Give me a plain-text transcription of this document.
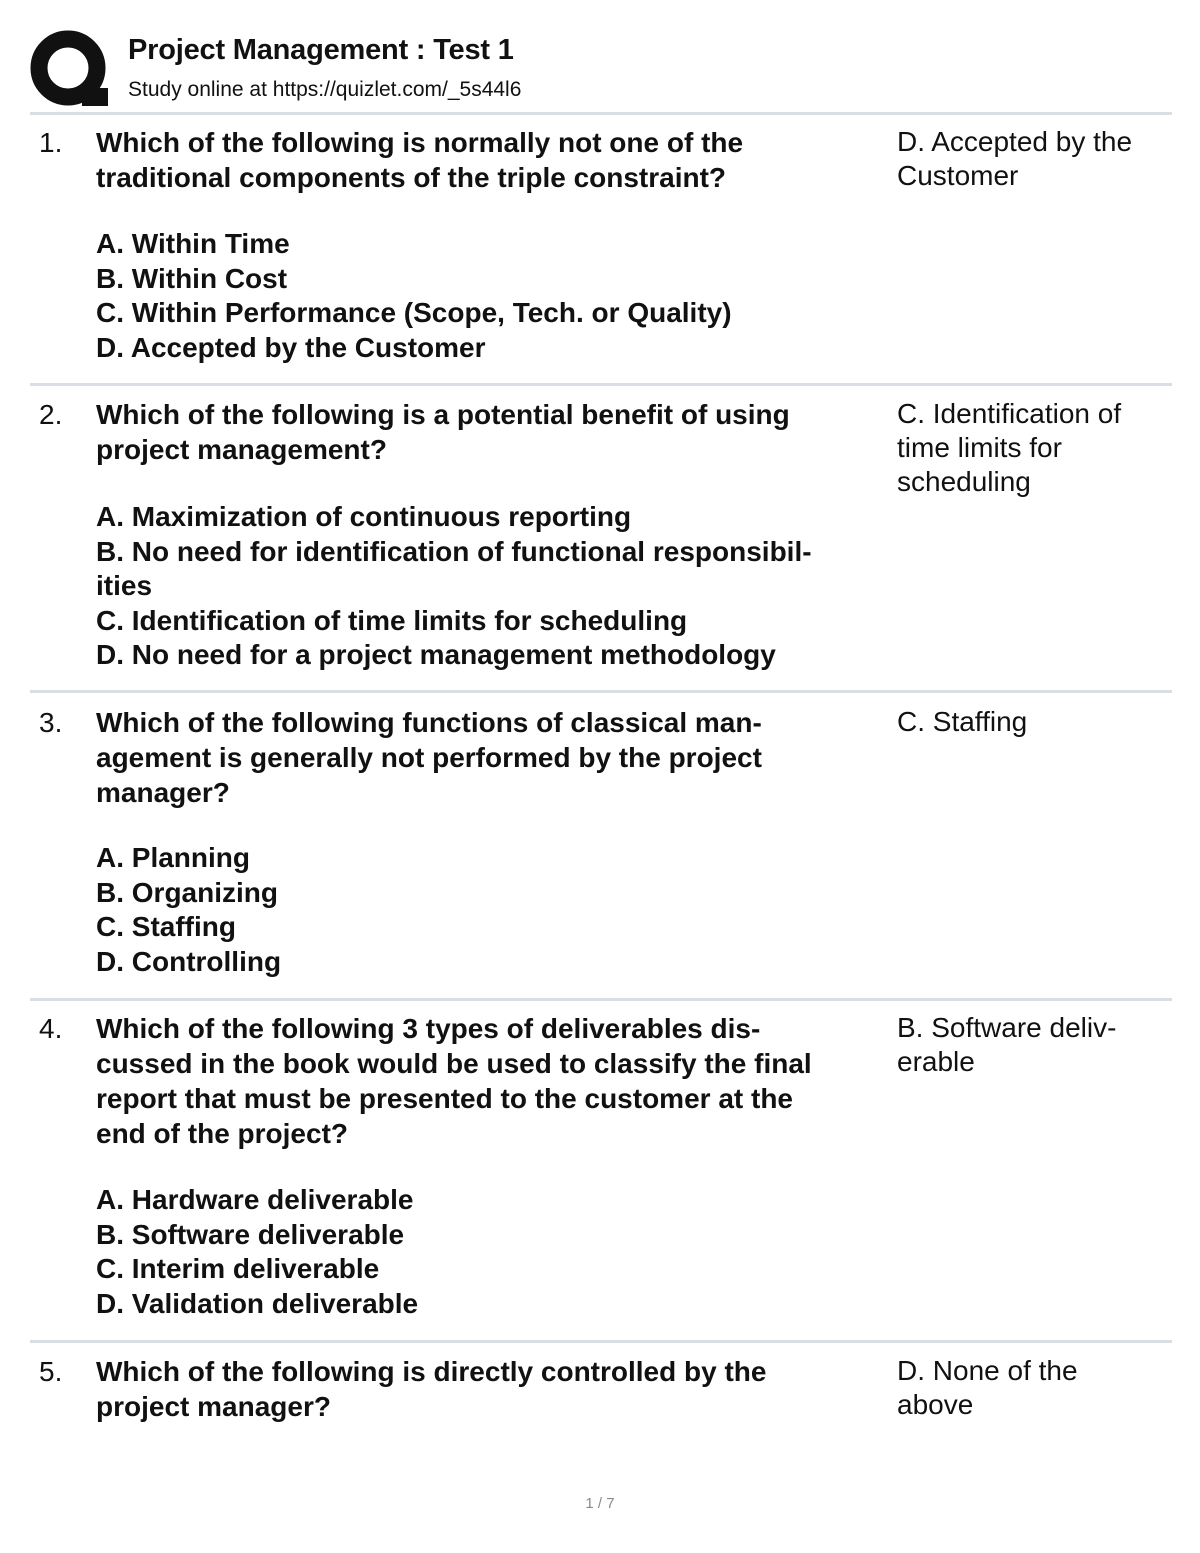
Project Management : Test 1
Study online at https://quizlet.com/_5s44l6
1. Which of the following is normally not one of the
traditional components of the triple constraint?
A. Within Time
B. Within Cost
C. Within Performance (Scope, Tech. or Quality)
D. Accepted by the Customer
D. Accepted by the
Customer
2. Which of the following is a potential benefit of using
project management?
A. Maximization of continuous reporting
B. No need for identification of functional responsibil-
ities
C. Identification of time limits for scheduling
D. No need for a project management methodology
C. Identification of
time limits for
scheduling
3. Which of the following functions of classical man-
agement is generally not performed by the project
manager?
A. Planning
B. Organizing
C. Staffing
D. Controlling
C. Staffing
4. Which of the following 3 types of deliverables dis-
cussed in the book would be used to classify the final
report that must be presented to the customer at the
end of the project?
A. Hardware deliverable
B. Software deliverable
C. Interim deliverable
D. Validation deliverable
B. Software deliv-
erable
5. Which of the following is directly controlled by the
project manager?
D. None of the
above
1 / 7
